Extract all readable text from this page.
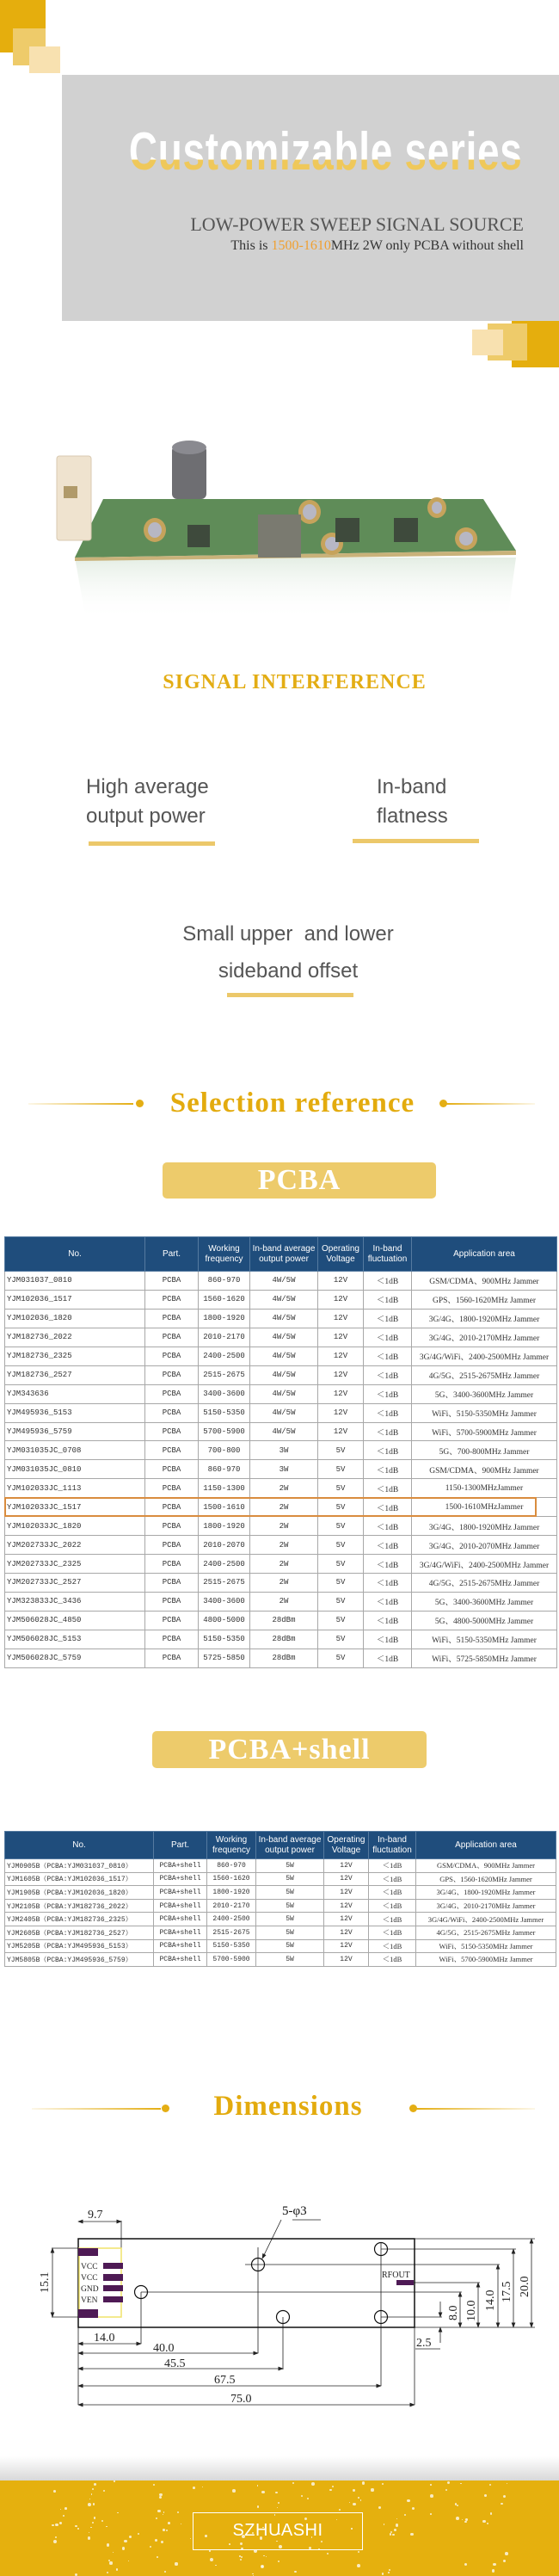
Customizable series
LOW-POWER SWEEP SIGNAL SOURCE
This is 1500-1610MHz 2W only PCBA without shell
SIGNAL INTERFERENCE
High average
output power
In-band
flatness
Small upper  and lower
sideband offset
Selection reference
PCBA
No.	Part.	Working frequency	In-band average output power	Operating Voltage	In-band fluctuation	Application area
YJM031037_0810	PCBA	860-970	4W/5W	12V	＜1dB	GSM/CDMA、900MHz Jammer
YJM102036_1517	PCBA	1560-1620	4W/5W	12V	＜1dB	GPS、1560-1620MHz Jammer
YJM102036_1820	PCBA	1800-1920	4W/5W	12V	＜1dB	3G/4G、1800-1920MHz Jammer
YJM182736_2022	PCBA	2010-2170	4W/5W	12V	＜1dB	3G/4G、2010-2170MHz Jammer
YJM182736_2325	PCBA	2400-2500	4W/5W	12V	＜1dB	3G/4G/WiFi、2400-2500MHz Jammer
YJM182736_2527	PCBA	2515-2675	4W/5W	12V	＜1dB	4G/5G、2515-2675MHz Jammer
YJM343636	PCBA	3400-3600	4W/5W	12V	＜1dB	5G、3400-3600MHz Jammer
YJM495936_5153	PCBA	5150-5350	4W/5W	12V	＜1dB	WiFi、5150-5350MHz Jammer
YJM495936_5759	PCBA	5700-5900	4W/5W	12V	＜1dB	WiFi、5700-5900MHz Jammer
YJM031035JC_0708	PCBA	700-800	3W	5V	＜1dB	5G、700-800MHz Jammer
YJM031035JC_0810	PCBA	860-970	3W	5V	＜1dB	GSM/CDMA、900MHz Jammer
YJM102033JC_1113	PCBA	1150-1300	2W	5V	＜1dB	1150-1300MHzJammer
YJM102033JC_1517	PCBA	1500-1610	2W	5V	＜1dB	1500-1610MHzJammer
YJM102033JC_1820	PCBA	1800-1920	2W	5V	＜1dB	3G/4G、1800-1920MHz Jammer
YJM202733JC_2022	PCBA	2010-2070	2W	5V	＜1dB	3G/4G、2010-2070MHz Jammer
YJM202733JC_2325	PCBA	2400-2500	2W	5V	＜1dB	3G/4G/WiFi、2400-2500MHz Jammer
YJM202733JC_2527	PCBA	2515-2675	2W	5V	＜1dB	4G/5G、2515-2675MHz Jammer
YJM323833JC_3436	PCBA	3400-3600	2W	5V	＜1dB	5G、3400-3600MHz Jammer
YJM506028JC_4850	PCBA	4800-5000	28dBm	5V	＜1dB	5G、4800-5000MHz Jammer
YJM506028JC_5153	PCBA	5150-5350	28dBm	5V	＜1dB	WiFi、5150-5350MHz Jammer
YJM506028JC_5759	PCBA	5725-5850	28dBm	5V	＜1dB	WiFi、5725-5850MHz Jammer
PCBA+shell
No.	Part.	Working frequency	In-band average output power	Operating Voltage	In-band fluctuation	Application area
YJM0905B（PCBA:YJM031037_0810）	PCBA+shell	860-970	5W	12V	＜1dB	GSM/CDMA、900MHz Jammer
YJM1605B（PCBA:YJM102036_1517）	PCBA+shell	1560-1620	5W	12V	＜1dB	GPS、1560-1620MHz Jammer
YJM1905B（PCBA:YJM102036_1820）	PCBA+shell	1800-1920	5W	12V	＜1dB	3G/4G、1800-1920MHz Jammer
YJM2105B（PCBA:YJM182736_2022）	PCBA+shell	2010-2170	5W	12V	＜1dB	3G/4G、2010-2170MHz Jammer
YJM2405B（PCBA:YJM182736_2325）	PCBA+shell	2400-2500	5W	12V	＜1dB	3G/4G/WiFi、2400-2500MHz Jammer
YJM2605B（PCBA:YJM182736_2527）	PCBA+shell	2515-2675	5W	12V	＜1dB	4G/5G、2515-2675MHz Jammer
YJM5205B（PCBA:YJM495936_5153）	PCBA+shell	5150-5350	5W	12V	＜1dB	WiFi、5150-5350MHz Jammer
YJM5805B（PCBA:YJM495936_5759）	PCBA+shell	5700-5900	5W	12V	＜1dB	WiFi、5700-5900MHz Jammer
Dimensions
VCC
VCC
GND
VEN
RFOUT
5-φ3
9.7
15.1
14.0
40.0
45.5
67.5
75.0
2.5
8.0 10.0 14.0 17.5 20.0
SZHUASHI
